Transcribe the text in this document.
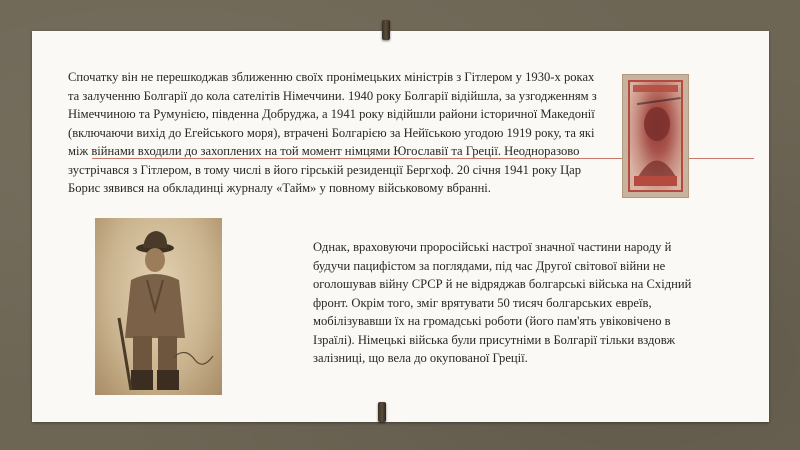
Спочатку він не перешкоджав зближенню своїх пронімецьких міністрів з Гітлером у 1930-х роках та залученню Болгарії до кола сателітів Німеччини. 1940 року Болгарії відійшла, за узгодженням з Німеччиною та Румунією, південна Добруджа, а 1941 року відійшли райони історичної Македонії (включаючи вихід до Егейського моря), втрачені Болгарією за Нейїською угодою 1919 року, та які між війнами входили до захоплених на той момент німцями Югославії та Греції. Неодноразово зустрічався з Гітлером, в тому числі в його гірській резиденції Бергхоф. 20 січня 1941 року Цар Борис зявився на обкладинці журналу «Тайм» у повному військовому вбранні.
Однак, враховуючи проросійські настрої значної частини народу й будучи пацифістом за поглядами, під час Другої світової війни не оголошував війну СРСР й не відряджав болгарські війська на Східний фронт. Окрім того, зміг врятувати 50 тисяч болгарських евреїв, мобілізувавши їх на громадські роботи (його пам'ять увіковічено в Ізраїлі). Німецькі війська були присутніми в Болгарії тільки вздовж залізниці, що вела до окупованої Греції.
